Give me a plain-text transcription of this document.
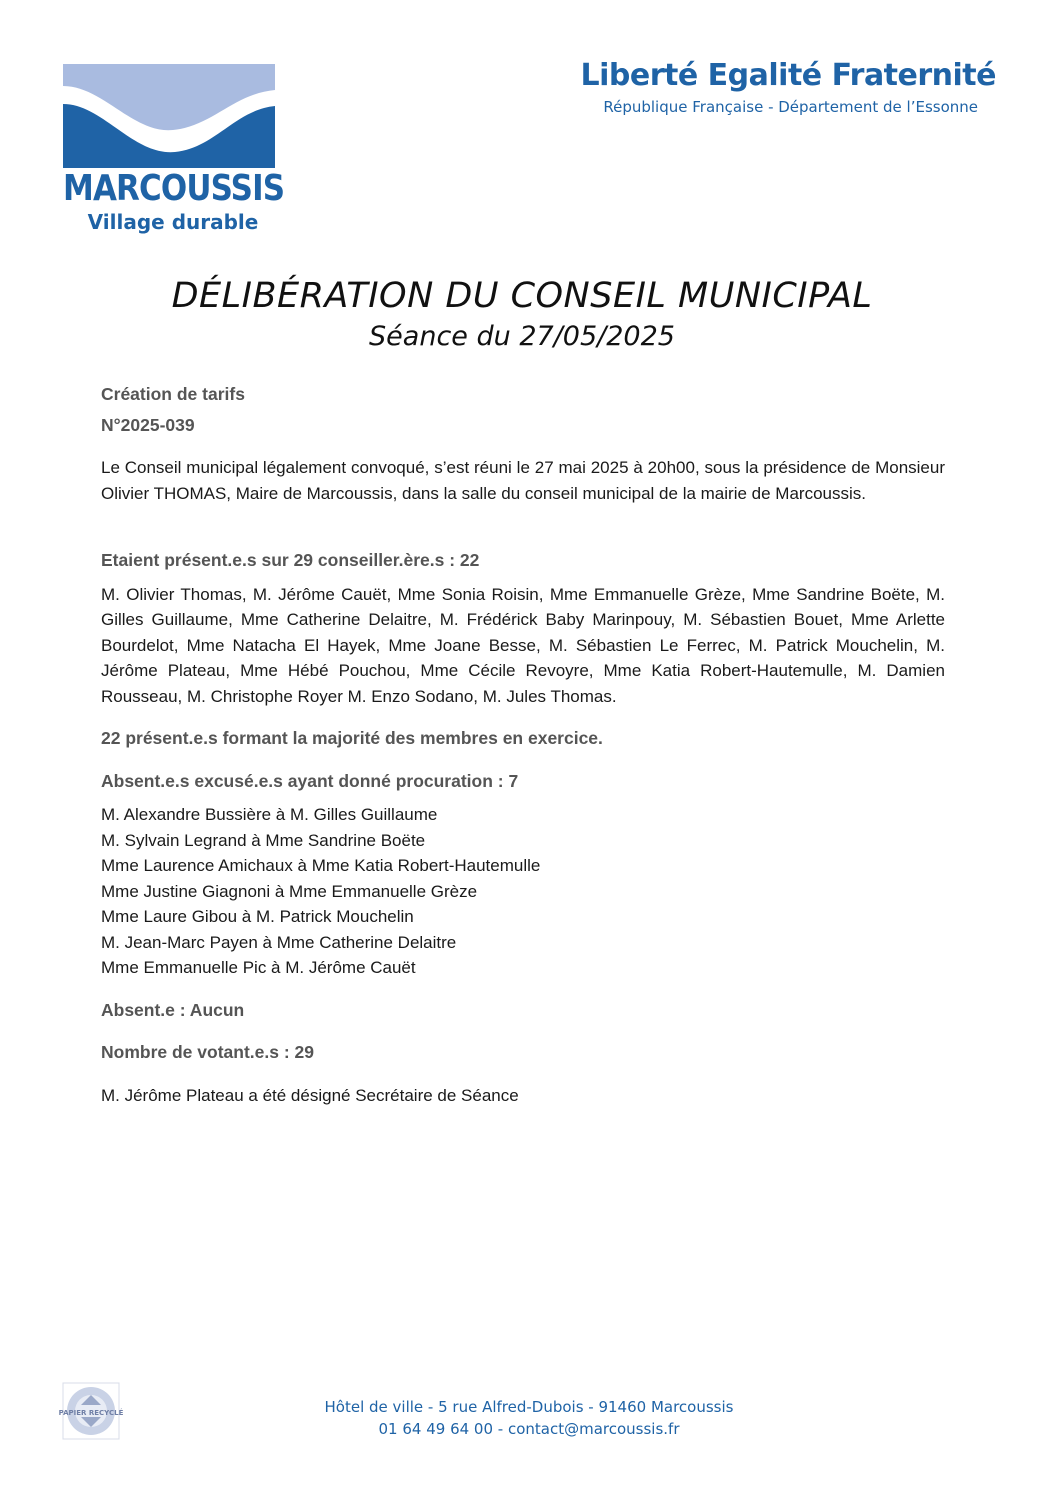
MARCOUSSIS
Village durable
Liberté Egalité Fraternité
République Française - Département de l’Essonne
DÉLIBÉRATION DU CONSEIL MUNICIPAL
Séance du 27/05/2025

Création de tarifs

N°2025-039

Le Conseil municipal légalement convoqué, s’est réuni le 27 mai 2025 à 20h00, sous la présidence de Monsieur Olivier THOMAS, Maire de Marcoussis, dans la salle du conseil municipal de la mairie de Marcoussis.

Etaient présent.e.s sur 29 conseiller.ère.s : 22

M. Olivier Thomas, M. Jérôme Cauët, Mme Sonia Roisin, Mme Emmanuelle Grèze, Mme Sandrine Boëte, M. Gilles Guillaume, Mme Catherine Delaitre, M. Frédérick Baby Marinpouy, M. Sébastien Bouet, Mme Arlette Bourdelot, Mme Natacha El Hayek, Mme Joane Besse, M. Sébastien Le Ferrec, M. Patrick Mouchelin, M. Jérôme Plateau, Mme Hébé Pouchou, Mme Cécile Revoyre, Mme Katia Robert-Hautemulle, M. Damien Rousseau, M. Christophe Royer M. Enzo Sodano, M. Jules Thomas.

22 présent.e.s formant la majorité des membres en exercice.

Absent.e.s excusé.e.s ayant donné procuration : 7

M. Alexandre Bussière à M. Gilles Guillaume
M. Sylvain Legrand à Mme Sandrine Boëte
Mme Laurence Amichaux à Mme Katia Robert-Hautemulle
Mme Justine Giagnoni à Mme Emmanuelle Grèze
Mme Laure Gibou à M. Patrick Mouchelin
M. Jean-Marc Payen à Mme Catherine Delaitre
Mme Emmanuelle Pic à M. Jérôme Cauët

Absent.e : Aucun

Nombre de votant.e.s : 29

M. Jérôme Plateau a été désigné Secrétaire de Séance

PAPIER RECYCLÉ	Hôtel de ville - 5 rue Alfred-Dubois - 91460 Marcoussis
01 64 49 64 00 - contact@marcoussis.fr
